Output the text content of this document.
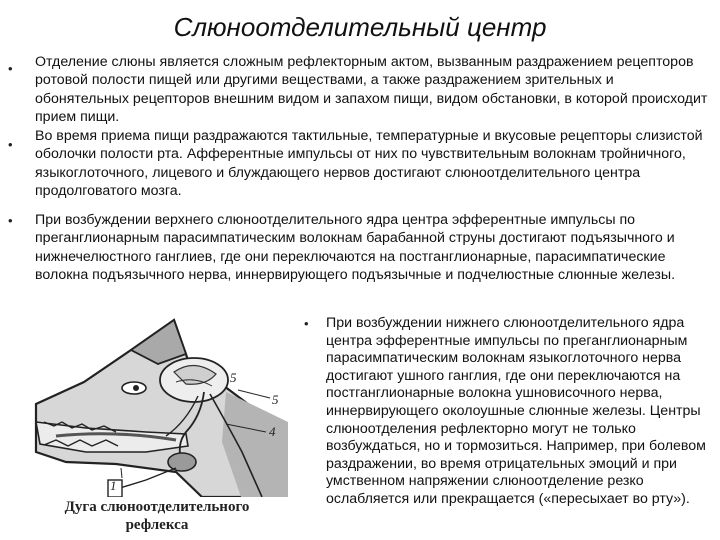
Слюноотделительный центр
• Отделение слюны является сложным рефлекторным актом, вызванным раздражением рецепторов ротовой полости пищей или другими веществами, а также раздражением зрительных и обонятельных рецепторов внешним видом и запахом пищи, видом обстановки, в которой происходит прием пищи.

•

Во время приема пищи раздражаются тактильные, температурные и вкусовые рецепторы слизистой оболочки полости рта. Афферентные импульсы от них по чувствительным волокнам тройничного, языкоглоточного, лицевого и блуждающего нервов достигают слюноотделительного центра продолговатого мозга.

• При возбуждении верхнего слюноотделительного ядра центра эфферентные импульсы по преганглионарным парасимпатическим волокнам барабанной струны достигают подъязычного и нижнечелюстного ганглиев, где они переключаются на постганглионарные, парасимпатические волокна подъязычного нерва, иннервирующего подъязычные и подчелюстные слюнные железы.

5
4
1
5
Дуга слюноотделительного
рефлекса
• При возбуждении нижнего слюноотделительного ядра центра эфферентные импульсы по преганглионарным парасимпатическим волокнам языкоглоточного нерва достигают ушного ганглия, где они переключаются на постганглионарные волокна ушновисочного нерва, иннервирующего околоушные слюнные железы. Центры слюноотделения рефлекторно могут не только возбуждаться, но и тормозиться. Например, при болевом раздражении, во время отрицательных эмоций и при умственном напряжении слюноотделение резко ослабляется или прекращается («пересыхает во рту»).
